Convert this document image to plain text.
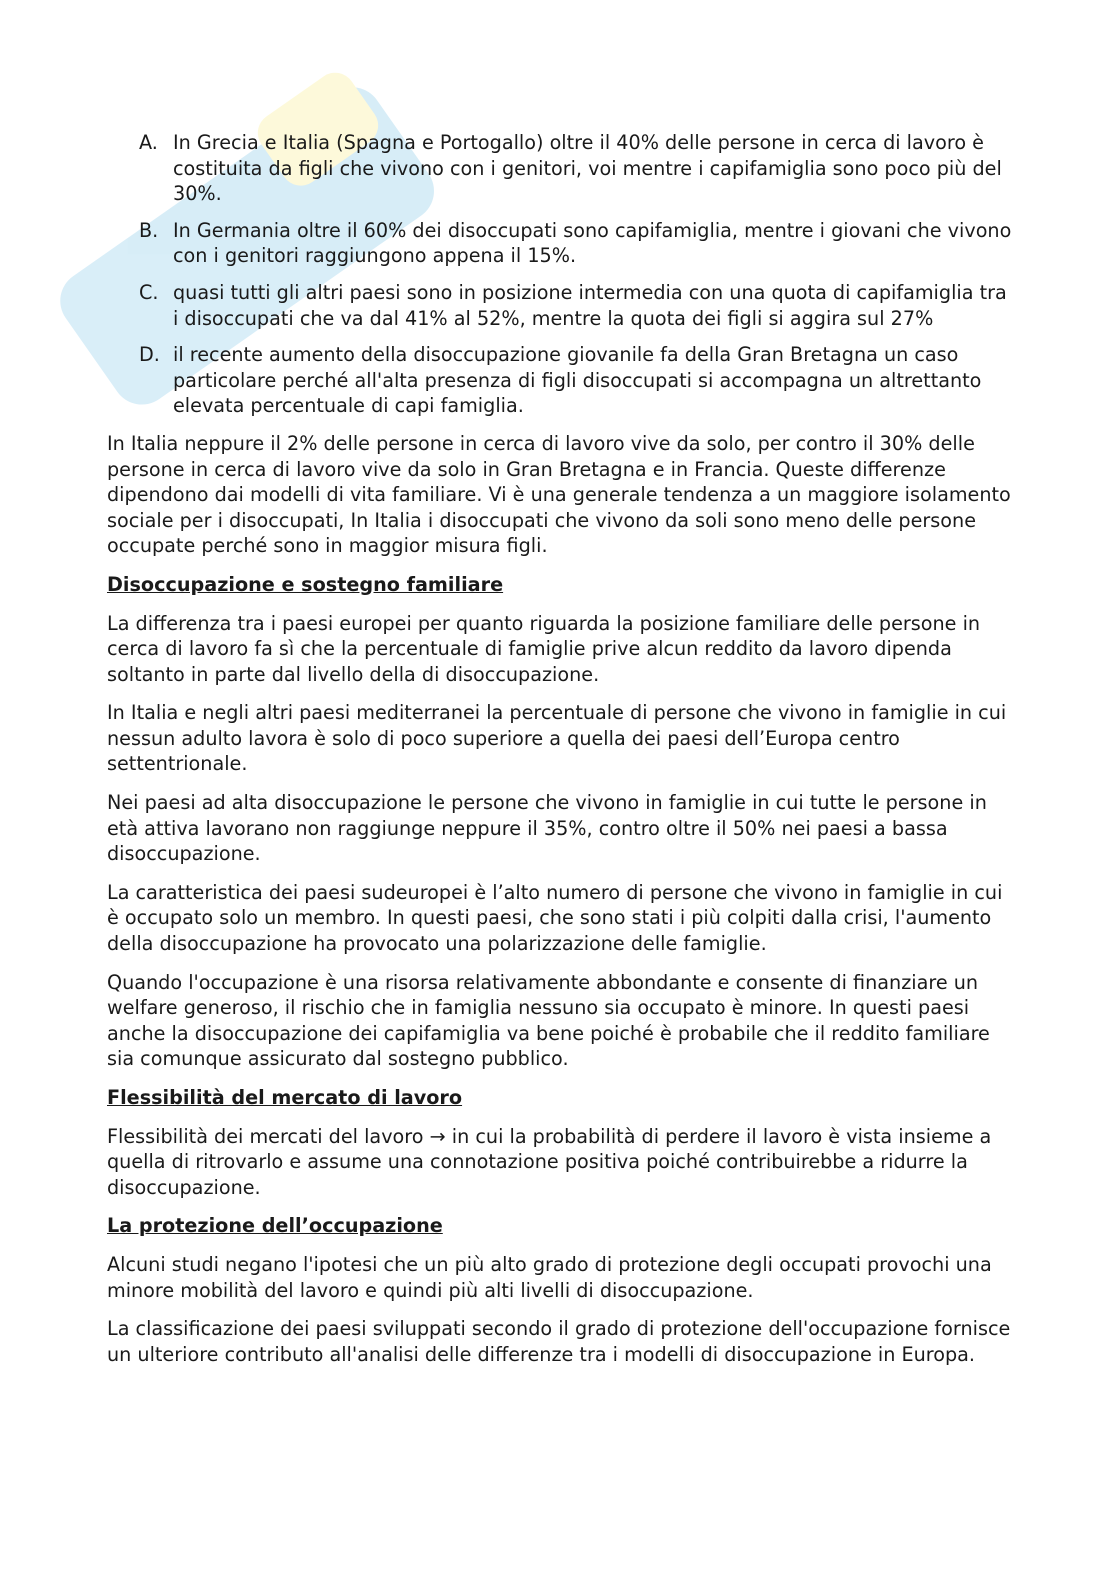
A. In Grecia e Italia (Spagna e Portogallo) oltre il 40% delle persone in cerca di lavoro è costituita da figli che vivono con i genitori, voi mentre i capifamiglia sono poco più del 30%.
B. In Germania oltre il 60% dei disoccupati sono capifamiglia, mentre i giovani che vivono con i genitori raggiungono appena il 15%.
C. quasi tutti gli altri paesi sono in posizione intermedia con una quota di capifamiglia tra i disoccupati che va dal 41% al 52%, mentre la quota dei figli si aggira sul 27%
D. il recente aumento della disoccupazione giovanile fa della Gran Bretagna un caso particolare perché all'alta presenza di figli disoccupati si accompagna un altrettanto elevata percentuale di capi famiglia.

In Italia neppure il 2% delle persone in cerca di lavoro vive da solo, per contro il 30% delle persone in cerca di lavoro vive da solo in Gran Bretagna e in Francia. Queste differenze dipendono dai modelli di vita familiare. Vi è una generale tendenza a un maggiore isolamento sociale per i disoccupati, In Italia i disoccupati che vivono da soli sono meno delle persone occupate perché sono in maggior misura figli.

Disoccupazione e sostegno familiare

La differenza tra i paesi europei per quanto riguarda la posizione familiare delle persone in cerca di lavoro fa sì che la percentuale di famiglie prive alcun reddito da lavoro dipenda soltanto in parte dal livello della di disoccupazione.

In Italia e negli altri paesi mediterranei la percentuale di persone che vivono in famiglie in cui nessun adulto lavora è solo di poco superiore a quella dei paesi dell’Europa centro settentrionale.

Nei paesi ad alta disoccupazione le persone che vivono in famiglie in cui tutte le persone in età attiva lavorano non raggiunge neppure il 35%, contro oltre il 50% nei paesi a bassa disoccupazione.

La caratteristica dei paesi sudeuropei è l’alto numero di persone che vivono in famiglie in cui è occupato solo un membro. In questi paesi, che sono stati i più colpiti dalla crisi, l'aumento della disoccupazione ha provocato una polarizzazione delle famiglie.

Quando l'occupazione è una risorsa relativamente abbondante e consente di finanziare un welfare generoso, il rischio che in famiglia nessuno sia occupato è minore. In questi paesi anche la disoccupazione dei capifamiglia va bene poiché è probabile che il reddito familiare sia comunque assicurato dal sostegno pubblico.

Flessibilità del mercato di lavoro

Flessibilità dei mercati del lavoro → in cui la probabilità di perdere il lavoro è vista insieme a quella di ritrovarlo e assume una connotazione positiva poiché contribuirebbe a ridurre la disoccupazione.

La protezione dell’occupazione

Alcuni studi negano l'ipotesi che un più alto grado di protezione degli occupati provochi una minore mobilità del lavoro e quindi più alti livelli di disoccupazione.

La classificazione dei paesi sviluppati secondo il grado di protezione dell'occupazione fornisce un ulteriore contributo all'analisi delle differenze tra i modelli di disoccupazione in Europa.
